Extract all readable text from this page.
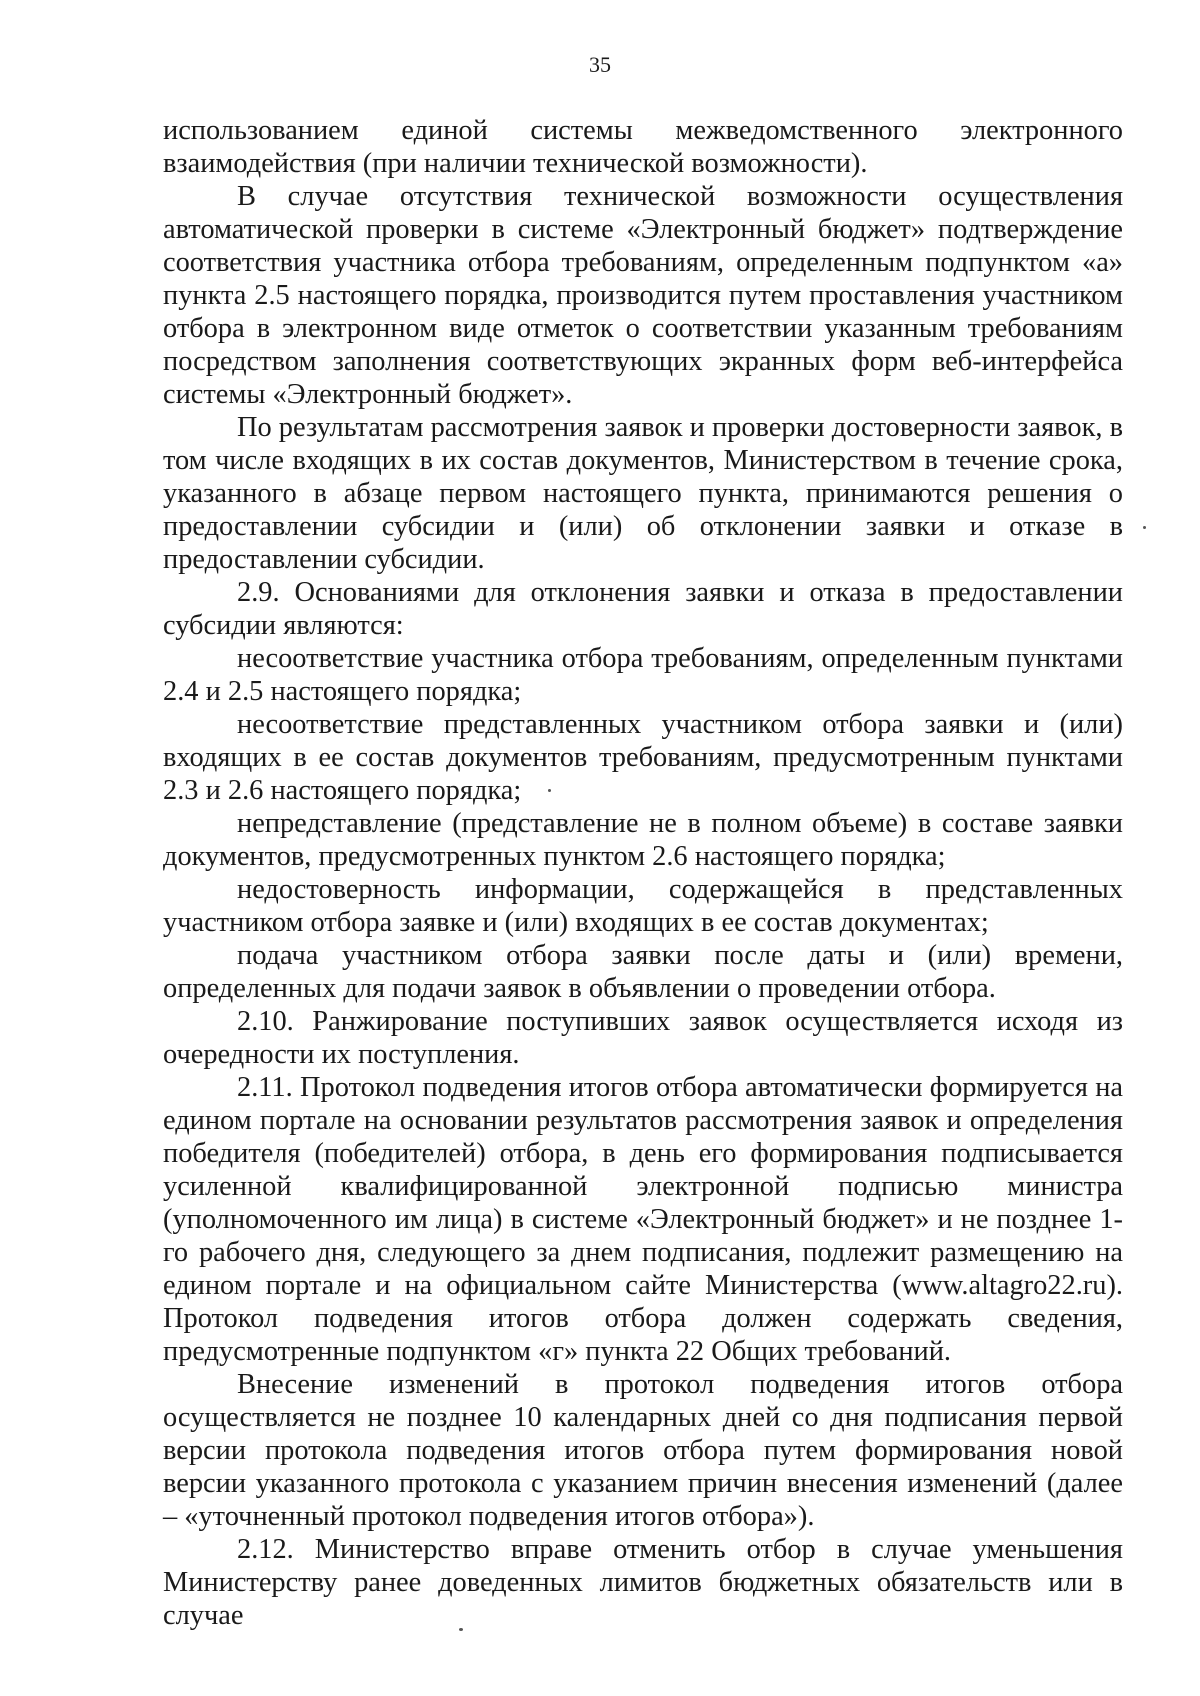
35

использованием единой системы межведомственного электронного взаимодействия (при наличии технической возможности).

В случае отсутствия технической возможности осуществления автоматической проверки в системе «Электронный бюджет» подтверждение соответствия участника отбора требованиям, определенным подпунктом «а» пункта 2.5 настоящего порядка, производится путем проставления участником отбора в электронном виде отметок о соответствии указанным требованиям посредством заполнения соответствующих экранных форм веб-интерфейса системы «Электронный бюджет».

По результатам рассмотрения заявок и проверки достоверности заявок, в том числе входящих в их состав документов, Министерством в течение срока, указанного в абзаце первом настоящего пункта, принимаются решения о предоставлении субсидии и (или) об отклонении заявки и отказе в предоставлении субсидии.

2.9. Основаниями для отклонения заявки и отказа в предоставлении субсидии являются:

несоответствие участника отбора требованиям, определенным пунктами 2.4 и 2.5 настоящего порядка;

несоответствие представленных участником отбора заявки и (или) входящих в ее состав документов требованиям, предусмотренным пунктами 2.3 и 2.6 настоящего порядка;

непредставление (представление не в полном объеме) в составе заявки документов, предусмотренных пунктом 2.6 настоящего порядка;

недостоверность информации, содержащейся в представленных участником отбора заявке и (или) входящих в ее состав документах;

подача участником отбора заявки после даты и (или) времени, определенных для подачи заявок в объявлении о проведении отбора.

2.10. Ранжирование поступивших заявок осуществляется исходя из очередности их поступления.

2.11. Протокол подведения итогов отбора автоматически формируется на едином портале на основании результатов рассмотрения заявок и определения победителя (победителей) отбора, в день его формирования подписывается усиленной квалифицированной электронной подписью министра (уполномоченного им лица) в системе «Электронный бюджет» и не позднее 1-го рабочего дня, следующего за днем подписания, подлежит размещению на едином портале и на официальном сайте Министерства (www.altagro22.ru). Протокол подведения итогов отбора должен содержать сведения, предусмотренные подпунктом «г» пункта 22 Общих требований.

Внесение изменений в протокол подведения итогов отбора осуществляется не позднее 10 календарных дней со дня подписания первой версии протокола подведения итогов отбора путем формирования новой версии указанного протокола с указанием причин внесения изменений (далее – «уточненный протокол подведения итогов отбора»).

2.12. Министерство вправе отменить отбор в случае уменьшения Министерству ранее доведенных лимитов бюджетных обязательств или в случае
